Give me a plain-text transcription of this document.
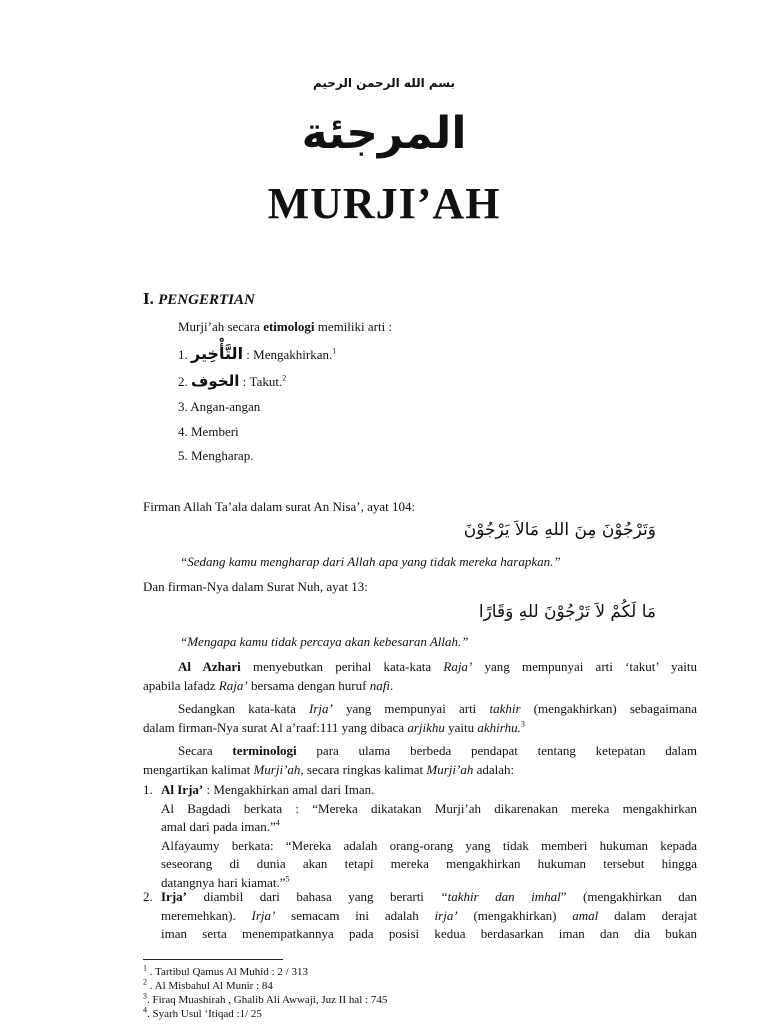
بسم الله الرحمن الرحيم
المرجئة
MURJI’AH
I. PENGERTIAN
Murji’ah secara etimologi memiliki arti :
1. التَّأْخِير : Mengakhirkan.$^1$
2. الخوف : Takut.$^2$
3. Angan-angan
4. Memberi
5. Mengharap.
Firman Allah Ta’ala dalam surat An Nisa’, ayat 104:
وَتَرْجُوْنَ مِنَ اللهِ مَالاَ يَرْجُوْنَ
“Sedang kamu mengharap dari Allah apa yang tidak mereka harapkan.”
Dan firman-Nya dalam Surat Nuh, ayat 13:
مَا لَكُمْ لاَ تَرْجُوْنَ للهِ وَقَارًا
“Mengapa kamu tidak percaya akan kebesaran Allah.”
Al Azhari menyebutkan perihal kata-kata Raja’ yang mempunyai arti ‘takut’ yaitu
apabila lafadz Raja’ bersama dengan huruf nafi.
Sedangkan kata-kata Irja’ yang mempunyai arti takhir (mengakhirkan) sebagaimana
dalam firman-Nya surat Al a’raaf:111 yang dibaca arjikhu yaitu akhirhu.$^3$
Secara terminologi para ulama berbeda pendapat tentang ketepatan dalam
mengartikan kalimat Murji’ah, secara ringkas kalimat Murji’ah adalah:
1. Al Irja’ : Mengakhirkan amal dari Iman.
Al Bagdadi berkata : “Mereka dikatakan Murji’ah dikarenakan mereka mengakhirkan
amal dari pada iman.”$^4$
Alfayaumy berkata: “Mereka adalah orang-orang yang tidak memberi hukuman kepada
seseorang di dunia akan tetapi mereka mengakhirkan hukuman tersebut hingga
datangnya hari kiamat.”$^5$
2. Irja’ diambil dari bahasa yang berarti “takhir dan imhal” (mengakhirkan dan
meremehkan). Irja’ semacam ini adalah irja’ (mengakhirkan) amal dalam derajat
iman serta menempatkannya pada posisi kedua berdasarkan iman dan dia bukan
$^1$ . Tartibul Qamus Al Muhid : 2 / 313
$^2$ . Al Misbahul Al Munir : 84
$^3$. Firaq Muashirah , Ghalib Ali Awwaji, Juz II hal : 745
$^4$. Syarh Usul ‘Itiqad :1/ 25
